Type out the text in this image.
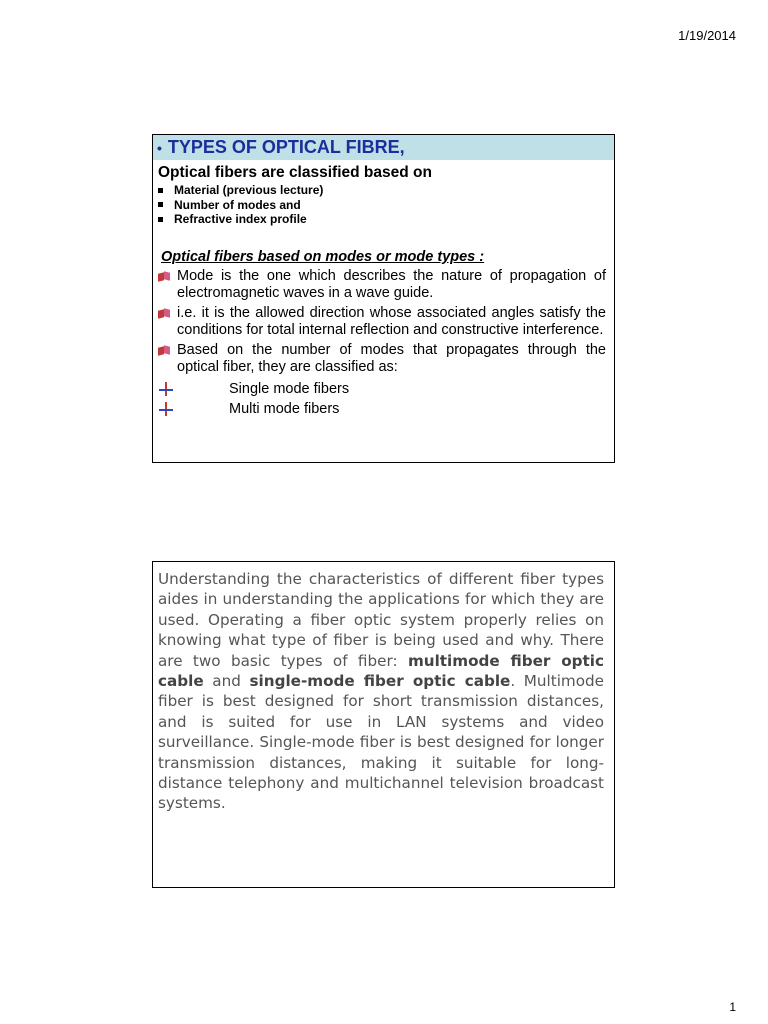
1/19/2014
• TYPES OF OPTICAL FIBRE,
Optical fibers are classified based on
Material (previous lecture)
Number of modes and
Refractive index profile
Optical fibers based on modes or mode types :
Mode is the one which describes the nature of propagation of electromagnetic waves in a wave guide.
i.e. it is the allowed direction whose associated angles satisfy the conditions for total internal reflection and constructive interference.
Based on the number of modes that propagates through the optical fiber, they are classified as:
Single mode fibers
Multi mode fibers
Understanding the characteristics of different fiber types aides in understanding the applications for which they are used. Operating a fiber optic system properly relies on knowing what type of fiber is being used and why. There are two basic types of fiber: multimode fiber optic cable and single-mode fiber optic cable. Multimode fiber is best designed for short transmission distances, and is suited for use in LAN systems and video surveillance. Single-mode fiber is best designed for longer transmission distances, making it suitable for long-distance telephony and multichannel television broadcast systems.
1
